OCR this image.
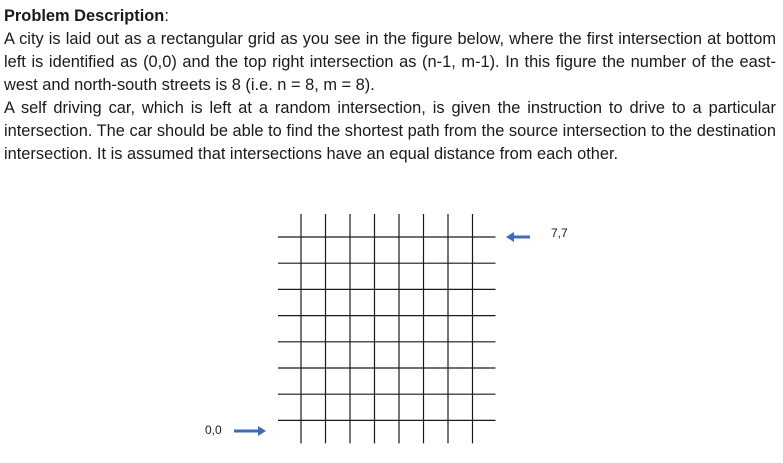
Problem Description:
A city is laid out as a rectangular grid as you see in the figure below, where the first intersection at bottom left is identified as (0,0) and the top right intersection as (n-1, m-1). In this figure the number of the east-west and north-south streets is 8 (i.e. n = 8, m = 8).
A self driving car, which is left at a random intersection, is given the instruction to drive to a particular intersection. The car should be able to find the shortest path from the source intersection to the destination intersection. It is assumed that intersections have an equal distance from each other.
0,0
7,7
